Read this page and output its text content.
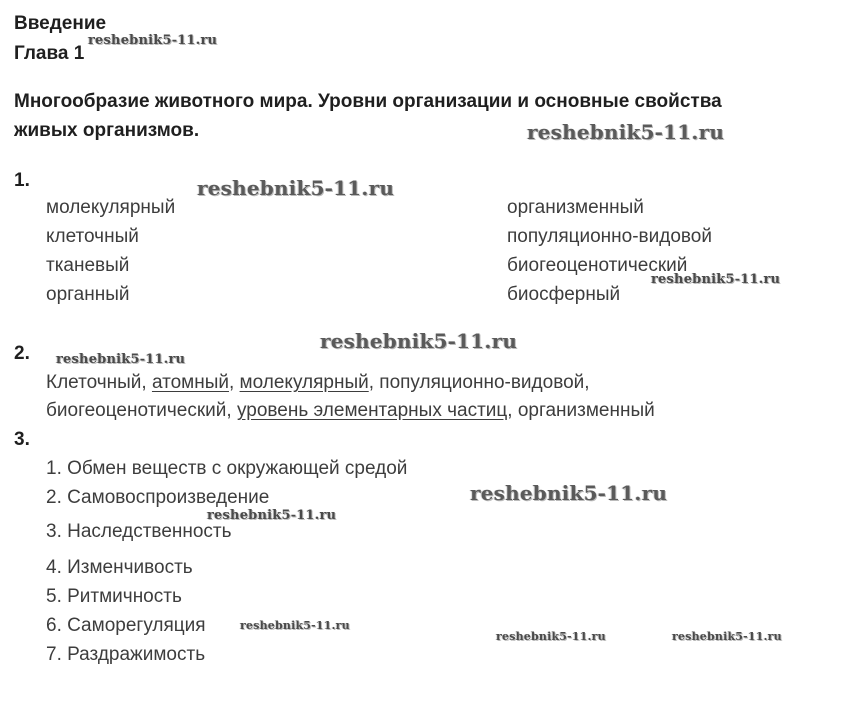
Введение
Глава 1
Многообразие животного мира. Уровни организации и основные свойства
живых организмов.
1.
молекулярный
клеточный
тканевый
органный
организменный
популяционно-видовой
биогеоценотический
биосферный
2.
Клеточный, атомный, молекулярный, популяционно-видовой,
биогеоценотический, уровень элементарных частиц, организменный
3.
1. Обмен веществ с окружающей средой
2. Самовоспроизведение
3. Наследственность
4. Изменчивость
5. Ритмичность
6. Саморегуляция
7. Раздражимость
reshebnik5-11.ru
reshebnik5-11.ru
reshebnik5-11.ru
reshebnik5-11.ru
reshebnik5-11.ru
reshebnik5-11.ru
reshebnik5-11.ru
reshebnik5-11.ru
reshebnik5-11.ru
reshebnik5-11.ru	reshebnik5-11.ru
